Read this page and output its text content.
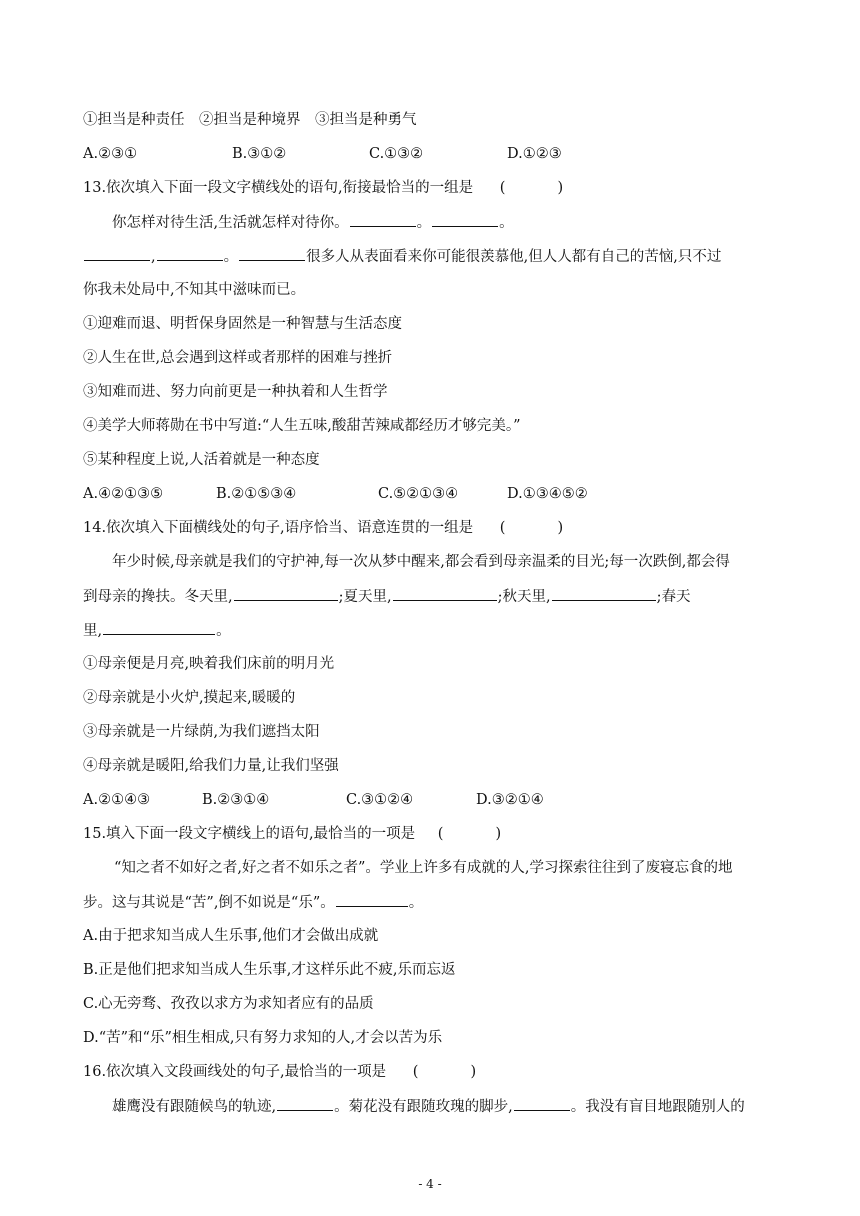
①担当是种责任　②担当是种境界　③担当是种勇气
A.②③①	B.③①②	C.①③②	D.①②③
13.依次填入下面一段文字横线处的语句,衔接最恰当的一组是 (	)
你怎样对待生活,生活就怎样对待你。	。	。
,	。	很多人从表面看来你可能很羡慕他,但人人都有自己的苦恼,只不过
你我未处局中,不知其中滋味而已。
①迎难而退、明哲保身固然是一种智慧与生活态度
②人生在世,总会遇到这样或者那样的困难与挫折
③知难而进、努力向前更是一种执着和人生哲学
④美学大师蒋勋在书中写道:“人生五味,酸甜苦辣咸都经历才够完美。”
⑤某种程度上说,人活着就是一种态度
A.④②①③⑤	B.②①⑤③④	C.⑤②①③④	D.①③④⑤②
14.依次填入下面横线处的句子,语序恰当、语意连贯的一组是 (	)
年少时候,母亲就是我们的守护神,每一次从梦中醒来,都会看到母亲温柔的目光;每一次跌倒,都会得
到母亲的搀扶。冬天里,	;夏天里,	;秋天里,	;春天
里,	。
①母亲便是月亮,映着我们床前的明月光
②母亲就是小火炉,摸起来,暖暖的
③母亲就是一片绿荫,为我们遮挡太阳
④母亲就是暖阳,给我们力量,让我们坚强
A.②①④③	B.②③①④	C.③①②④	D.③②①④
15.填入下面一段文字横线上的语句,最恰当的一项是 (	)
“知之者不如好之者,好之者不如乐之者”。学业上许多有成就的人,学习探索往往到了废寝忘食的地
步。这与其说是“苦”,倒不如说是“乐”。	。
A.由于把求知当成人生乐事,他们才会做出成就
B.正是他们把求知当成人生乐事,才这样乐此不疲,乐而忘返
C.心无旁骛、孜孜以求方为求知者应有的品质
D.“苦”和“乐”相生相成,只有努力求知的人,才会以苦为乐
16.依次填入文段画线处的句子,最恰当的一项是 (	)
雄鹰没有跟随候鸟的轨迹,	。菊花没有跟随玫瑰的脚步,	。我没有盲目地跟随别人的
- 4 -
